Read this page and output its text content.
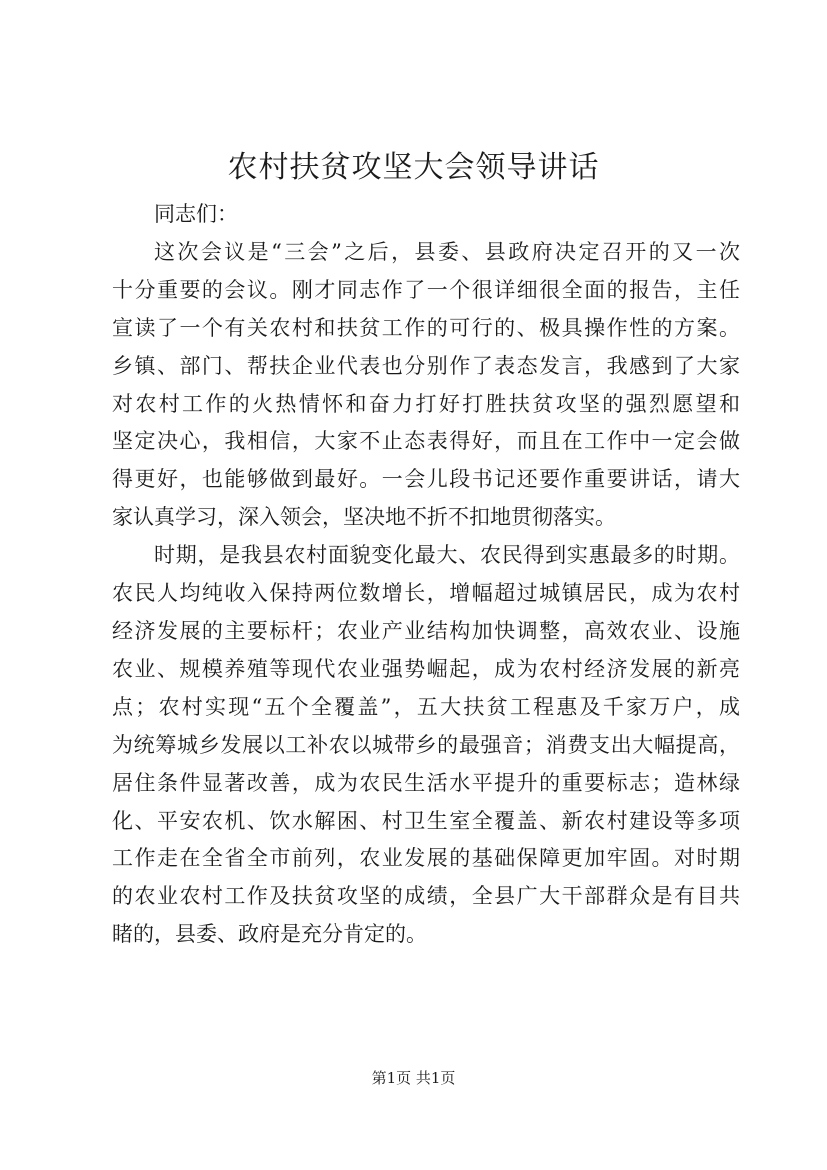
农村扶贫攻坚大会领导讲话
同志们：
这次会议是“三会”之后，县委、县政府决定召开的又一次
十分重要的会议。刚才同志作了一个很详细很全面的报告，主任
宣读了一个有关农村和扶贫工作的可行的、极具操作性的方案。
乡镇、部门、帮扶企业代表也分别作了表态发言，我感到了大家
对农村工作的火热情怀和奋力打好打胜扶贫攻坚的强烈愿望和
坚定决心，我相信，大家不止态表得好，而且在工作中一定会做
得更好，也能够做到最好。一会儿段书记还要作重要讲话，请大
家认真学习，深入领会，坚决地不折不扣地贯彻落实。
时期，是我县农村面貌变化最大、农民得到实惠最多的时期。
农民人均纯收入保持两位数增长，增幅超过城镇居民，成为农村
经济发展的主要标杆；农业产业结构加快调整，高效农业、设施
农业、规模养殖等现代农业强势崛起，成为农村经济发展的新亮
点；农村实现“五个全覆盖”，五大扶贫工程惠及千家万户，成
为统筹城乡发展以工补农以城带乡的最强音；消费支出大幅提高，
居住条件显著改善，成为农民生活水平提升的重要标志；造林绿
化、平安农机、饮水解困、村卫生室全覆盖、新农村建设等多项
工作走在全省全市前列，农业发展的基础保障更加牢固。对时期
的农业农村工作及扶贫攻坚的成绩，全县广大干部群众是有目共
睹的，县委、政府是充分肯定的。
第1页 共1页
